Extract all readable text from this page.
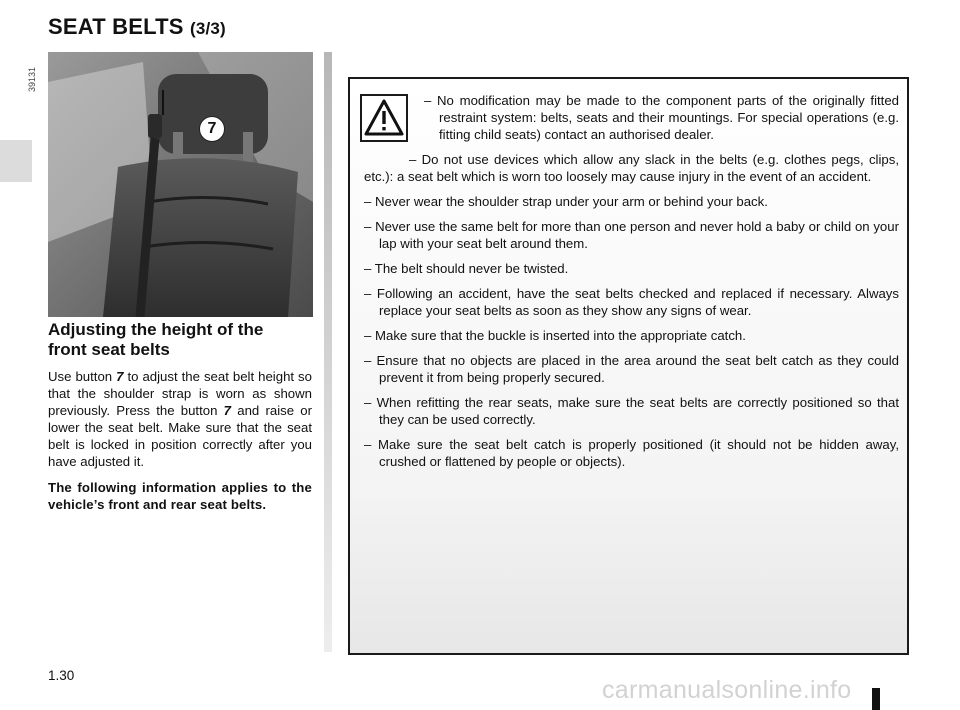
SEAT BELTS (3/3)
39131
7
Adjusting the height of the
front seat belts

Use button 7 to adjust the seat belt height so that the shoulder strap is worn as shown previously. Press the button 7 and raise or lower the seat belt. Make sure that the seat belt is locked in position correctly after you have adjusted it.

The following information applies to the vehicle’s front and rear seat belts.

– No modification may be made to the component parts of the originally fitted restraint system: belts, seats and their mountings. For special operations (e.g. fitting child seats) contact an authorised dealer.

– Do not use devices which allow any slack in the belts (e.g. clothes pegs, clips, etc.): a seat belt which is worn too loosely may cause injury in the event of an accident.

– Never wear the shoulder strap under your arm or behind your back.

– Never use the same belt for more than one person and never hold a baby or child on your lap with your seat belt around them.

– The belt should never be twisted.

– Following an accident, have the seat belts checked and replaced if necessary. Always replace your seat belts as soon as they show any signs of wear.

– Make sure that the buckle is inserted into the appropriate catch.

– Ensure that no objects are placed in the area around the seat belt catch as they could prevent it from being properly secured.

– When refitting the rear seats, make sure the seat belts are correctly positioned so that they can be used correctly.

– Make sure the seat belt catch is properly positioned (it should not be hidden away, crushed or flattened by people or objects).

1.30
carmanualsonline.info
